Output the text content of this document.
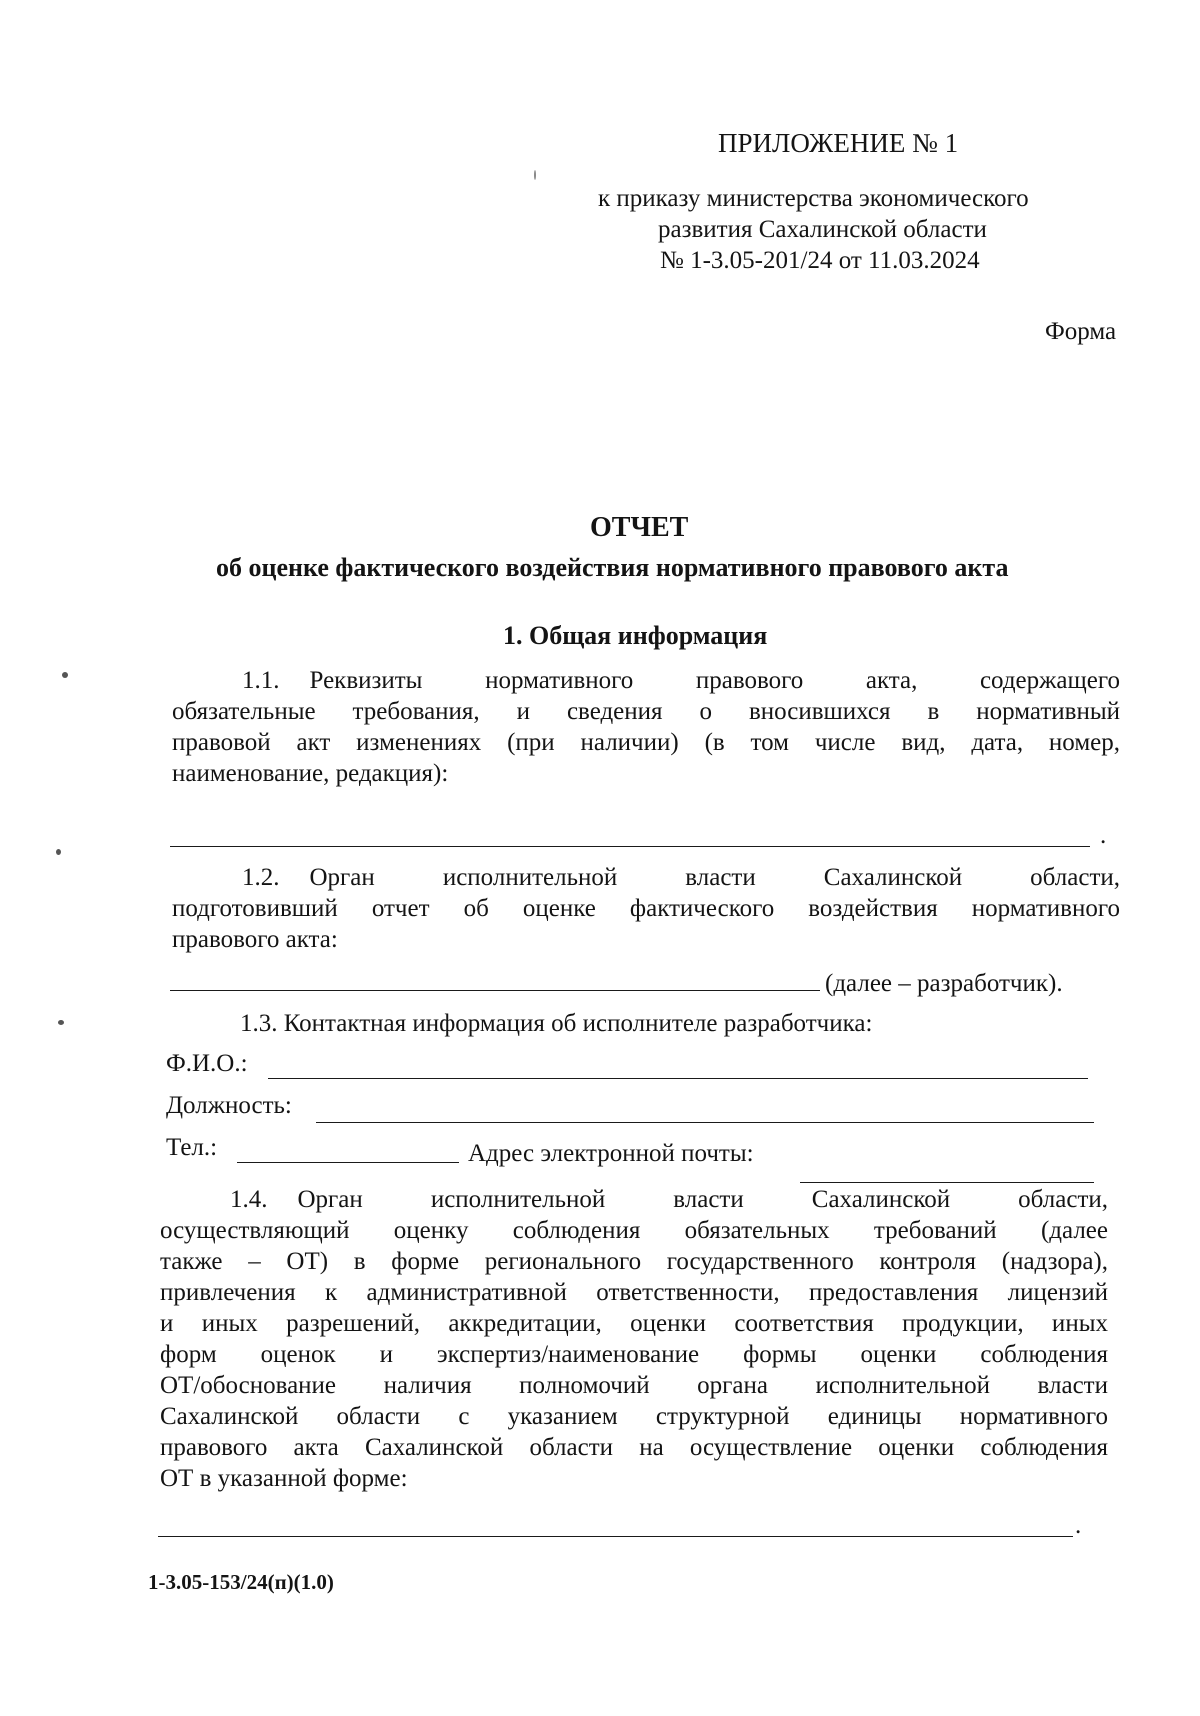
ПРИЛОЖЕНИЕ № 1
к приказу министерства экономического
развития Сахалинской области
№ 1-3.05-201/24 от 11.03.2024
Форма
ОТЧЕТ
об оценке фактического воздействия нормативного правового акта
1. Общая информация
1.1. Реквизиты нормативного правового акта, содержащего
обязательные требования, и сведения о вносившихся в нормативный
правовой акт изменениях (при наличии) (в том числе вид, дата, номер,
наименование, редакция):
.
1.2. Орган исполнительной власти Сахалинской области,
подготовивший отчет об оценке фактического воздействия нормативного
правового акта:
(далее – разработчик).
1.3. Контактная информация об исполнителе разработчика:
Ф.И.О.:
Должность:
Тел.:	Адрес электронной почты:
1.4. Орган исполнительной власти Сахалинской области,
осуществляющий оценку соблюдения обязательных требований (далее
также – ОТ) в форме регионального государственного контроля (надзора),
привлечения к административной ответственности, предоставления лицензий
и иных разрешений, аккредитации, оценки соответствия продукции, иных
форм оценок и экспертиз/наименование формы оценки соблюдения
ОТ/обоснование наличия полномочий органа исполнительной власти
Сахалинской области с указанием структурной единицы нормативного
правового акта Сахалинской области на осуществление оценки соблюдения
ОТ в указанной форме:
.
1-3.05-153/24(п)(1.0)
